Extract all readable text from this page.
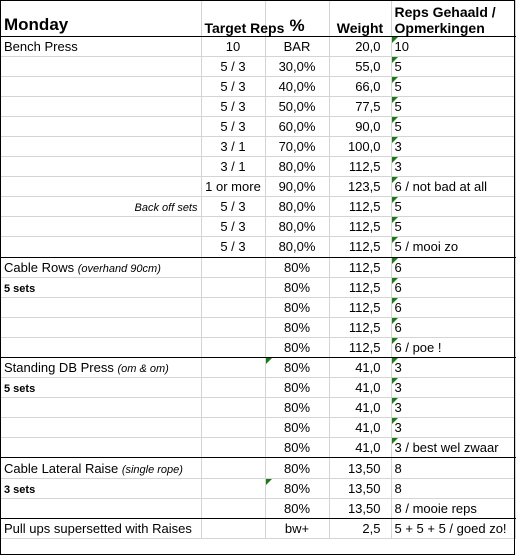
Monday	Target Reps	%	Weight	Reps Gehaald / Opmerkingen
Bench Press	10	BAR	20,0	10
	5 / 3	30,0%	55,0	5
	5 / 3	40,0%	66,0	5
	5 / 3	50,0%	77,5	5
	5 / 3	60,0%	90,0	5
	3 / 1	70,0%	100,0	3
	3 / 1	80,0%	112,5	3
	1 or more	90,0%	123,5	6 / not bad at all
Back off sets	5 / 3	80,0%	112,5	5
	5 / 3	80,0%	112,5	5
	5 / 3	80,0%	112,5	5 / mooi zo
Cable Rows (overhand 90cm)		80%	112,5	6
5 sets		80%	112,5	6
		80%	112,5	6
		80%	112,5	6
		80%	112,5	6 / poe !
Standing DB Press (om & om)		80%	41,0	3
5 sets		80%	41,0	3
		80%	41,0	3
		80%	41,0	3
		80%	41,0	3 / best wel zwaar
Cable Lateral Raise (single rope)		80%	13,50	8
3 sets		80%	13,50	8
		80%	13,50	8 / mooie reps
Pull ups supersetted with Raises		bw+	2,5	5 + 5 + 5 / goed zo!
